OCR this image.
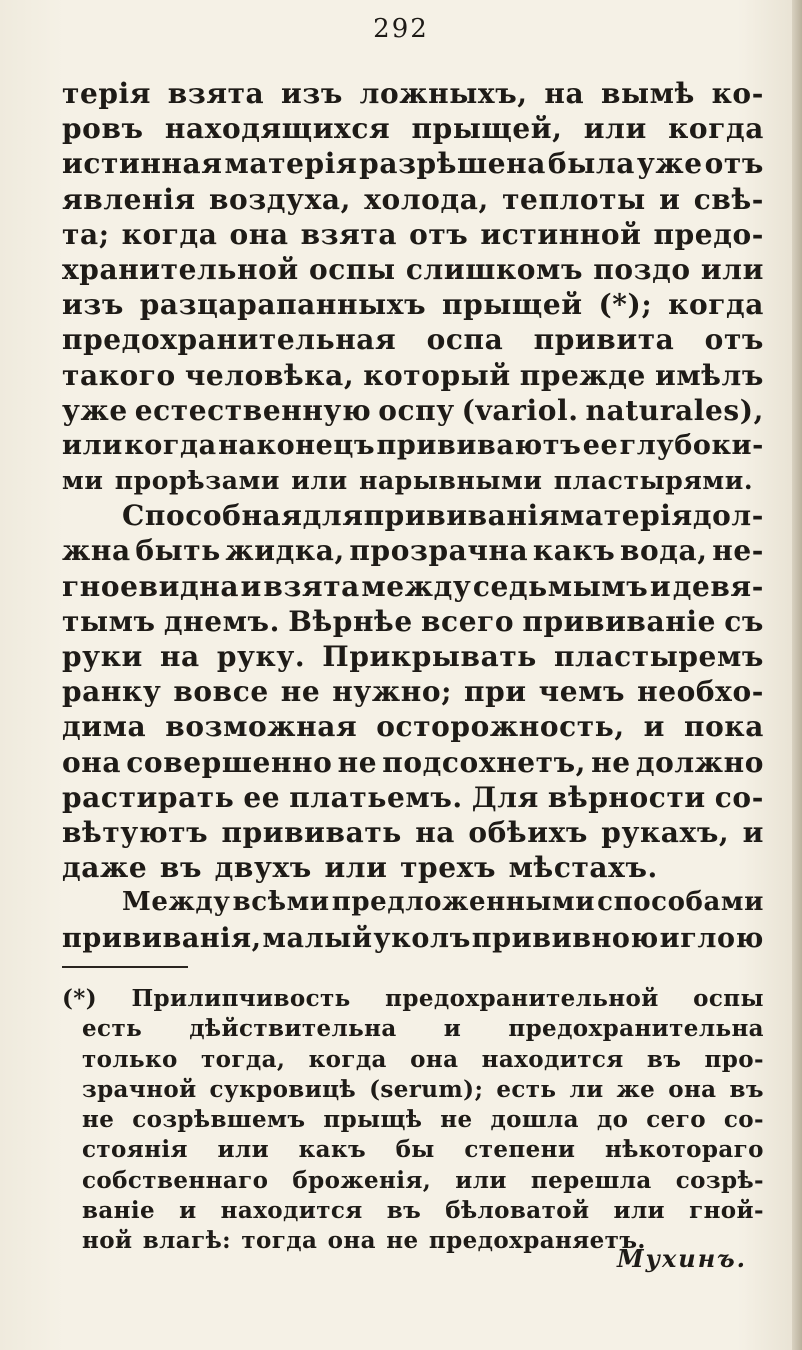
292
терія взята изъ ложныхъ, на вымѣ ко-
ровъ находящихся прыщей, или когда
истинная матерія разрѣшена была уже отъ
явленія воздуха, холода, теплоты и свѣ-
та; когда она взята отъ истинной предо-
хранительной оспы слишкомъ поздо или
изъ разцарапанныхъ прыщей (*); когда
предохранительная оспа привита отъ
такого человѣка, который прежде имѣлъ
уже естественную оспу (variol. naturales),
или когда наконецъ прививаютъ ее глубоки-
ми прорѣзами или нарывными пластырями.
Способная для прививанія матерія дол-
жна быть жидка, прозрачна какъ вода, не-
гноевидна и взята между седьмымъ и девя-
тымъ днемъ. Вѣрнѣе всего прививаніе съ
руки на руку. Прикрывать пластыремъ
ранку вовсе не нужно; при чемъ необхо-
дима возможная осторожность, и пока
она совершенно не подсохнетъ, не должно
растирать ее платьемъ. Для вѣрности со-
вѣтуютъ прививать на обѣихъ рукахъ, и
даже въ двухъ или трехъ мѣстахъ.
Между всѣми предложенными способами
прививанія, малый уколъ прививною иглою
(*) Прилипчивость предохранительной оспы
есть дѣйствительна и предохранительна
только тогда, когда она находится въ про-
зрачной сукровицѣ (serum); есть ли же она въ
не созрѣвшемъ прыщѣ не дошла до сего со-
стоянія или какъ бы степени нѣкотораго
собственнаго броженія, или перешла созрѣ-
ваніе и находится въ бѣловатой или гной-
ной влагѣ: тогда она не предохраняетъ.
Мухинъ.
